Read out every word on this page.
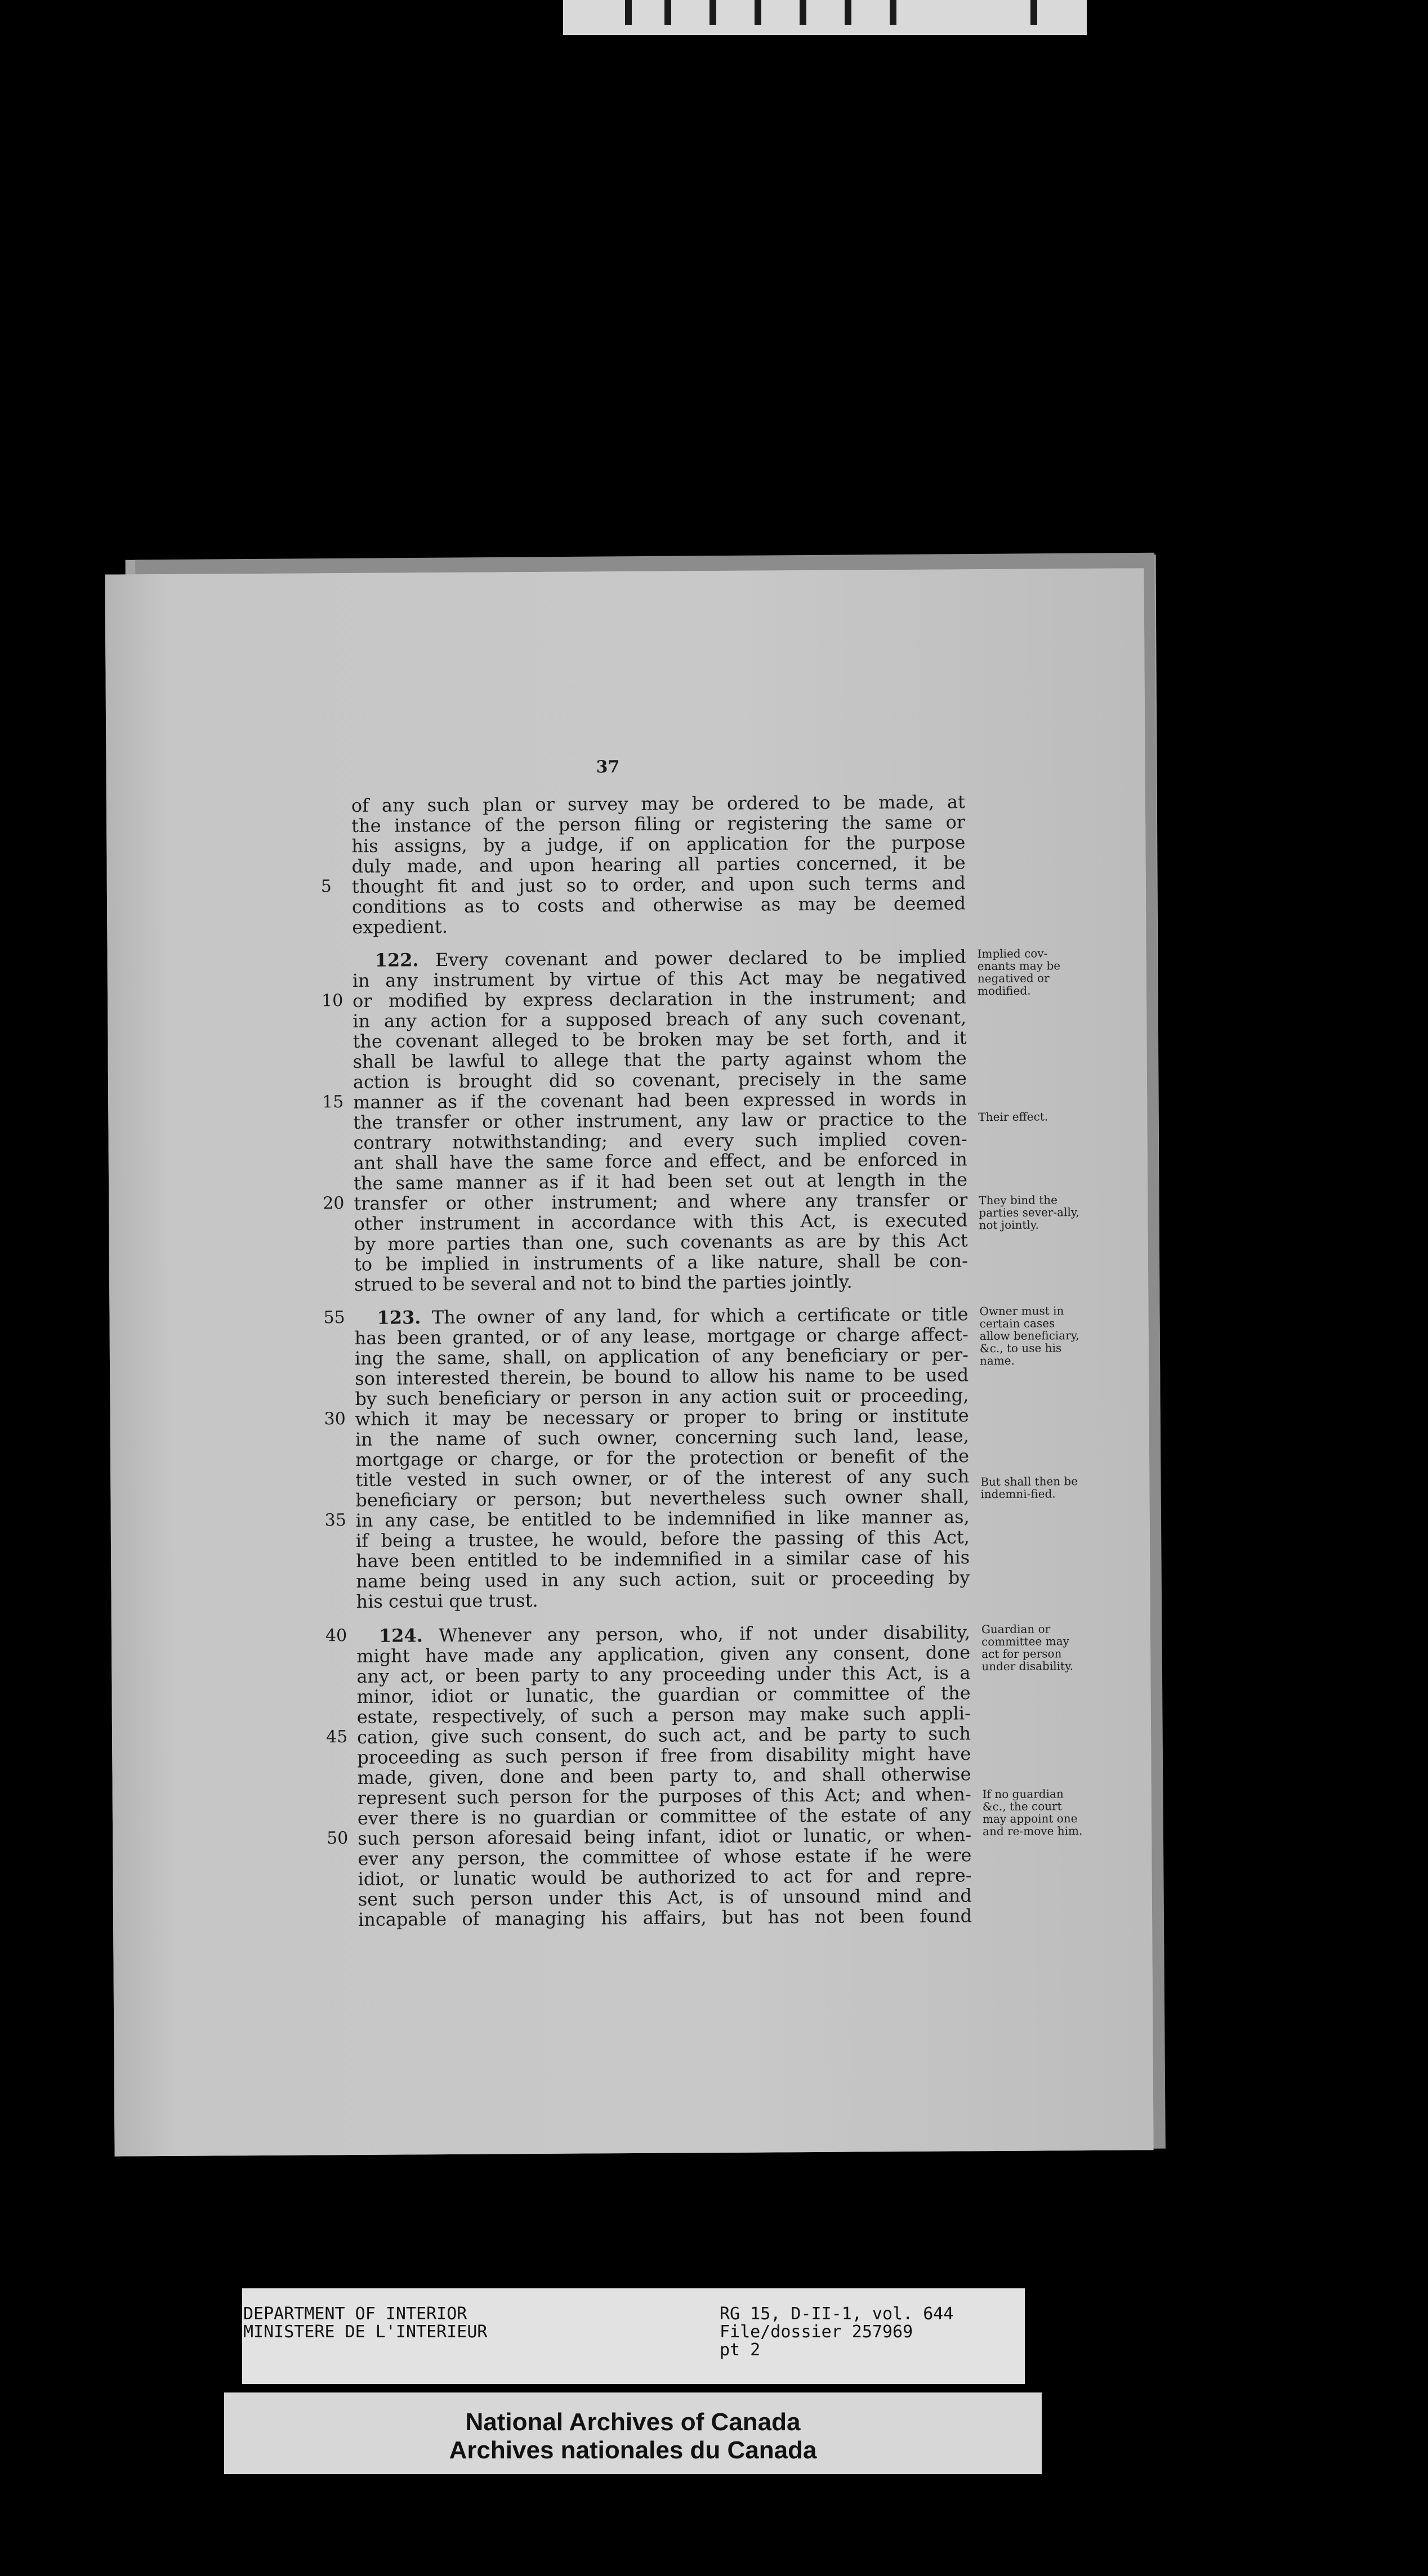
37
of any such plan or survey may be ordered to be made, at
the instance of the person filing or registering the same or
his assigns, by a judge, if on application for the purpose
duly made, and upon hearing all parties concerned, it be
thought fit and just so to order, and upon such terms and
conditions as to costs and otherwise as may be deemed
expedient.
122. Every covenant and power declared to be implied
in any instrument by virtue of this Act may be negatived
or modified by express declaration in the instrument; and
in any action for a supposed breach of any such covenant,
the covenant alleged to be broken may be set forth, and it
shall be lawful to allege that the party against whom the
action is brought did so covenant, precisely in the same
manner as if the covenant had been expressed in words in
the transfer or other instrument, any law or practice to the
contrary notwithstanding; and every such implied coven-
ant shall have the same force and effect, and be enforced in
the same manner as if it had been set out at length in the
transfer or other instrument; and where any transfer or
other instrument in accordance with this Act, is executed
by more parties than one, such covenants as are by this Act
to be implied in instruments of a like nature, shall be con-
strued to be several and not to bind the parties jointly.
123. The owner of any land, for which a certificate or title
has been granted, or of any lease, mortgage or charge affect-
ing the same, shall, on application of any beneficiary or per-
son interested therein, be bound to allow his name to be used
by such beneficiary or person in any action suit or proceeding,
which it may be necessary or proper to bring or institute
in the name of such owner, concerning such land, lease,
mortgage or charge, or for the protection or benefit of the
title vested in such owner, or of the interest of any such
beneficiary or person; but nevertheless such owner shall,
in any case, be entitled to be indemnified in like manner as,
if being a trustee, he would, before the passing of this Act,
have been entitled to be indemnified in a similar case of his
name being used in any such action, suit or proceeding by
his cestui que trust.
124. Whenever any person, who, if not under disability,
might have made any application, given any consent, done
any act, or been party to any proceeding under this Act, is a
minor, idiot or lunatic, the guardian or committee of the
estate, respectively, of such a person may make such appli-
cation, give such consent, do such act, and be party to such
proceeding as such person if free from disability might have
made, given, done and been party to, and shall otherwise
represent such person for the purposes of this Act; and when-
ever there is no guardian or committee of the estate of any
such person aforesaid being infant, idiot or lunatic, or when-
ever any person, the committee of whose estate if he were
idiot, or lunatic would be authorized to act for and repre-
sent such person under this Act, is of unsound mind and
incapable of managing his affairs, but has not been found
5
10
15
20
55
30
35
40
45
50
Implied cov-enants may be negatived or modified.
Their effect.
They bind the parties sever-ally, not jointly.
Owner must in certain cases allow beneficiary, &c., to use his name.
But shall then be indemni-fied.
Guardian or committee may act for person under disability.
If no guardian &c., the court may appoint one and re-move him.
DEPARTMENT OF INTERIOR
MINISTERE DE L'INTERIEUR
RG 15, D-II-1, vol. 644
File/dossier 257969
pt 2
National Archives of Canada
Archives nationales du Canada
